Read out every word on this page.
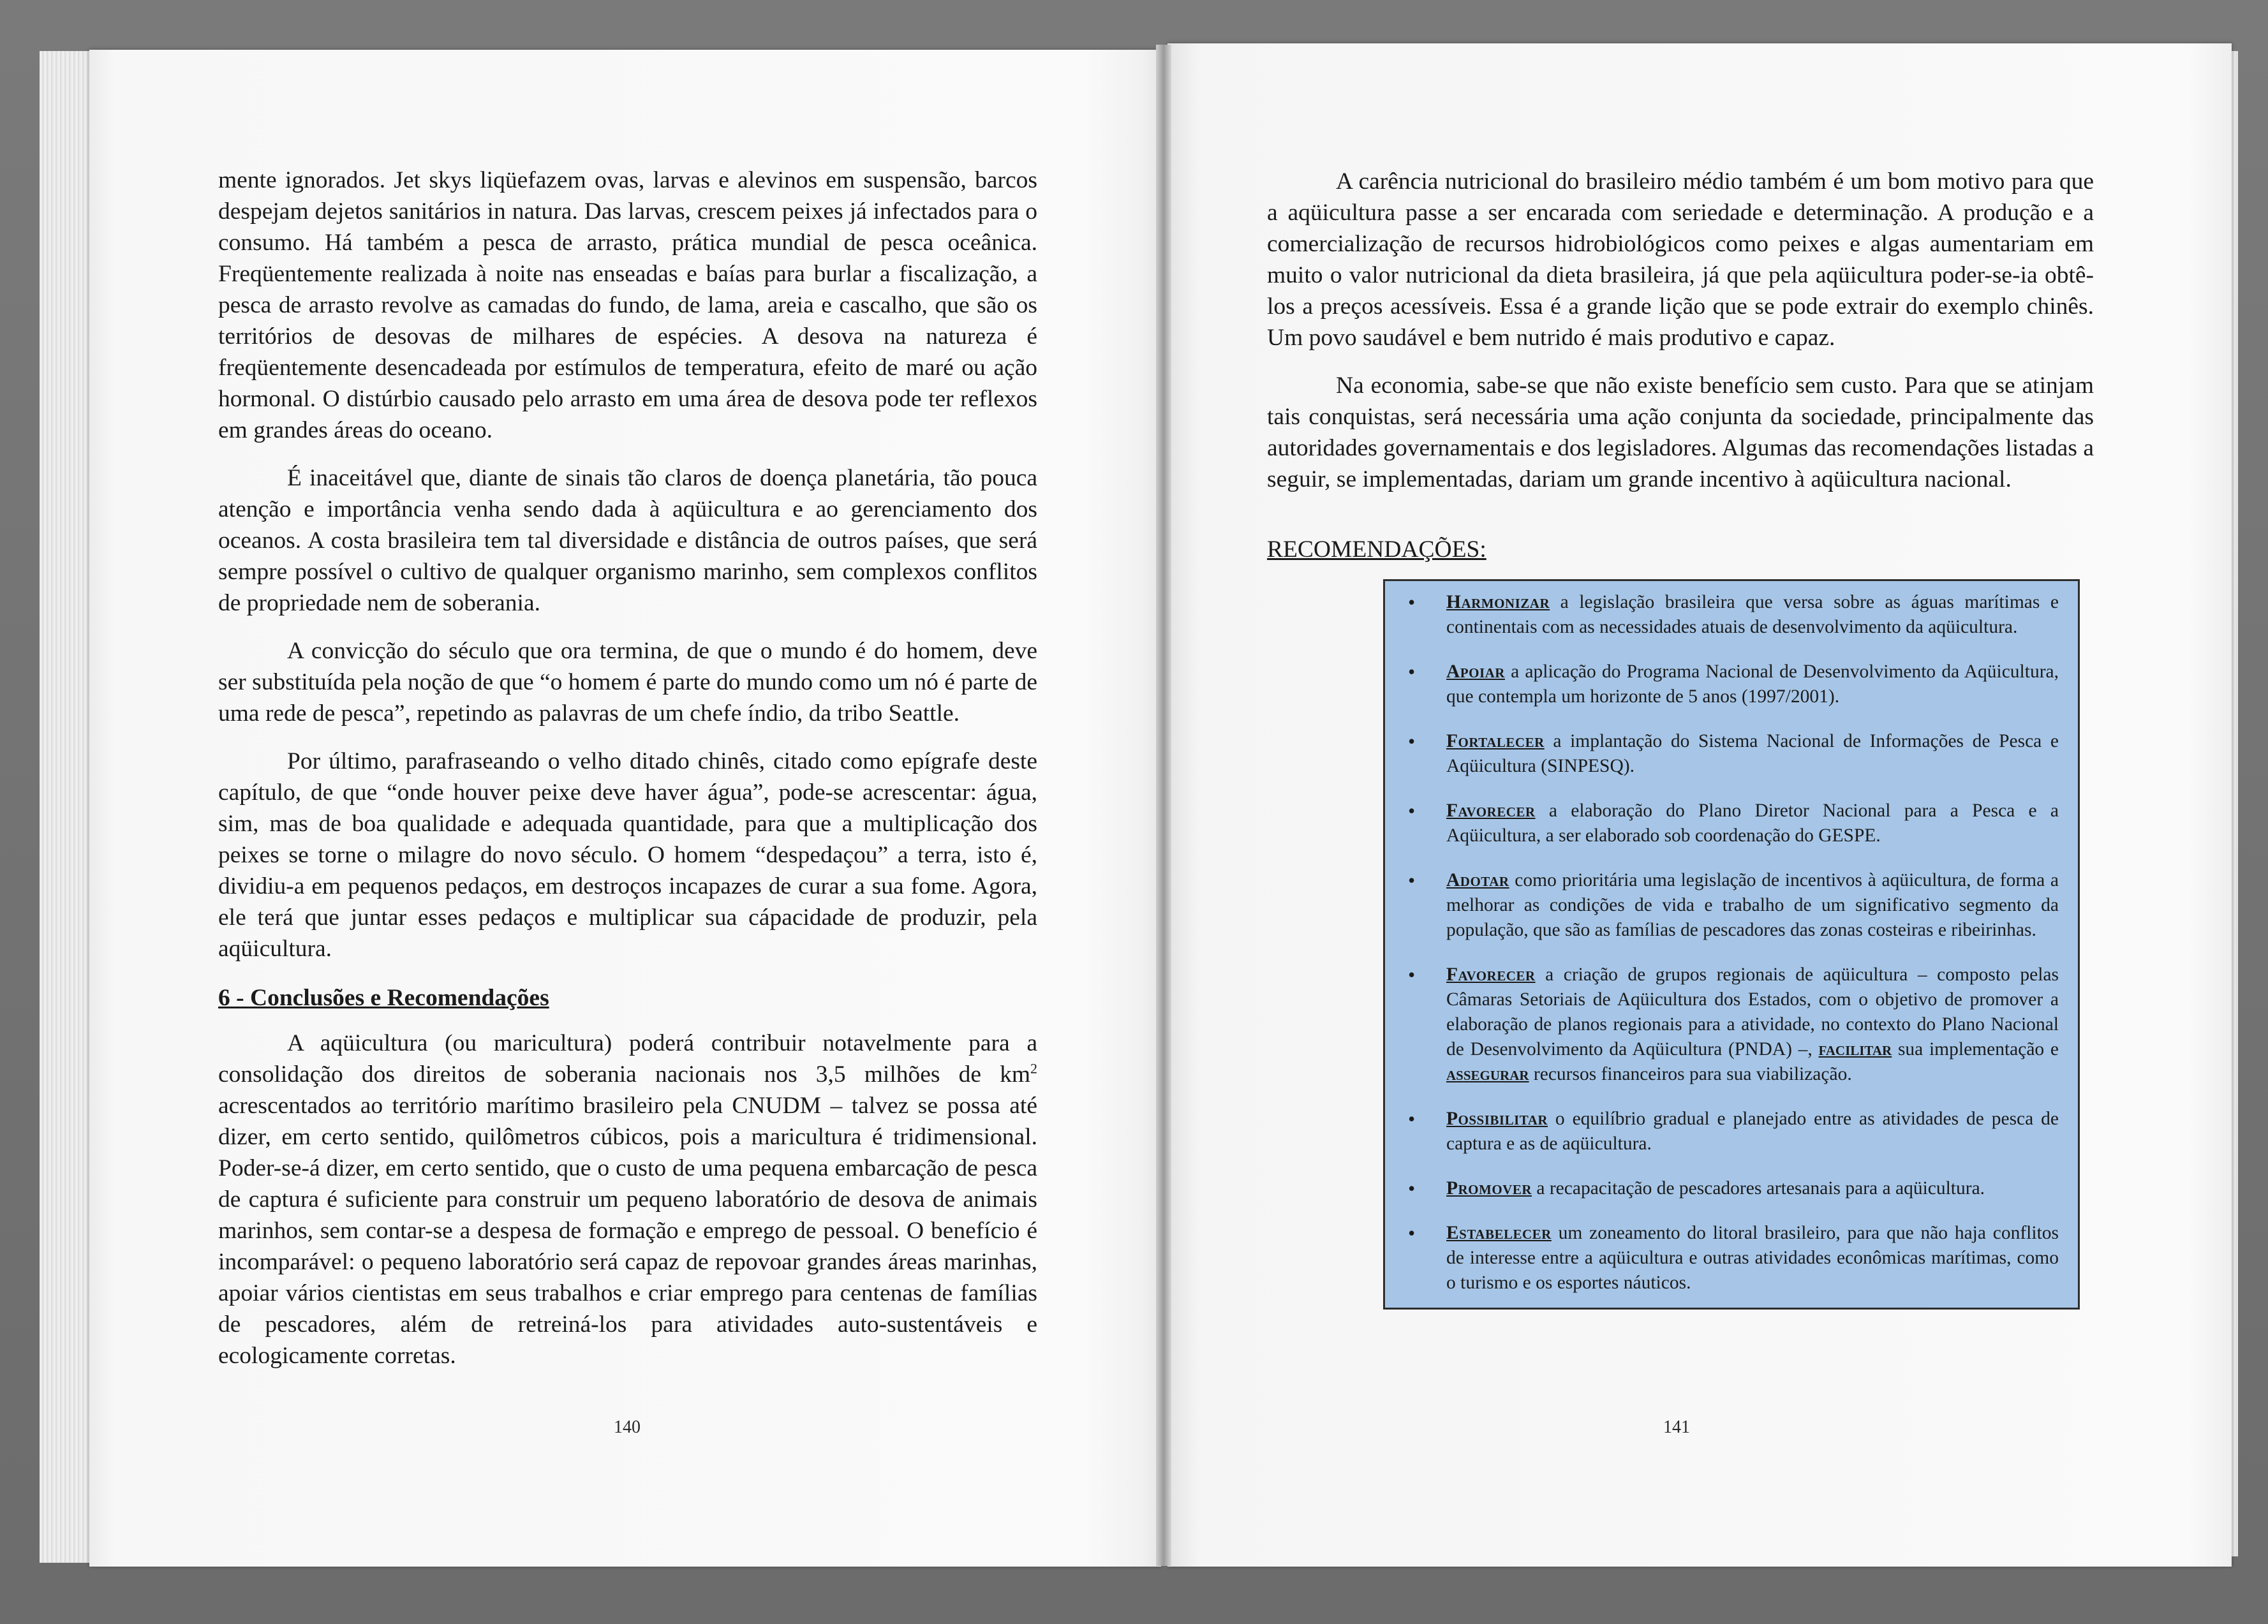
mente ignorados. Jet skys liqüefazem ovas, larvas e alevinos em suspensão, barcos despejam dejetos sanitários in natura. Das larvas, crescem peixes já infectados para o consumo. Há também a pesca de arrasto, prática mundial de pesca oceânica. Freqüentemente realizada à noite nas enseadas e baías para burlar a fiscalização, a pesca de arrasto revolve as camadas do fundo, de lama, areia e cascalho, que são os territórios de desovas de milhares de espécies. A desova na natureza é freqüentemente desencadeada por estímulos de temperatura, efeito de maré ou ação hormonal. O distúrbio causado pelo arrasto em uma área de desova pode ter reflexos em grandes áreas do oceano.

É inaceitável que, diante de sinais tão claros de doença planetária, tão pouca atenção e importância venha sendo dada à aqüicultura e ao gerenciamento dos oceanos. A costa brasileira tem tal diversidade e distância de outros países, que será sempre possível o cultivo de qualquer organismo marinho, sem complexos conflitos de propriedade nem de soberania.

A convicção do século que ora termina, de que o mundo é do homem, deve ser substituída pela noção de que “o homem é parte do mundo como um nó é parte de uma rede de pesca”, repetindo as palavras de um chefe índio, da tribo Seattle.

Por último, parafraseando o velho ditado chinês, citado como epígrafe deste capítulo, de que “onde houver peixe deve haver água”, pode-se acrescentar: água, sim, mas de boa qualidade e adequada quantidade, para que a multiplicação dos peixes se torne o milagre do novo século. O homem “despedaçou” a terra, isto é, dividiu-a em pequenos pedaços, em destroços incapazes de curar a sua fome. Agora, ele terá que juntar esses pedaços e multiplicar sua cápacidade de produzir, pela aqüicultura.

6 - Conclusões e Recomendações

A aqüicultura (ou maricultura) poderá contribuir notavelmente para a consolidação dos direitos de soberania nacionais nos 3,5 milhões de $km^2$ acrescentados ao território marítimo brasileiro pela CNUDM – talvez se possa até dizer, em certo sentido, quilômetros cúbicos, pois a maricultura é tridimensional. Poder-se-á dizer, em certo sentido, que o custo de uma pequena embarcação de pesca de captura é suficiente para construir um pequeno laboratório de desova de animais marinhos, sem contar-se a despesa de formação e emprego de pessoal. O benefício é incomparável: o pequeno laboratório será capaz de repovoar grandes áreas marinhas, apoiar vários cientistas em seus trabalhos e criar emprego para centenas de famílias de pescadores, além de retreiná-los para atividades auto-sustentáveis e ecologicamente corretas.

140

A carência nutricional do brasileiro médio também é um bom motivo para que a aqüicultura passe a ser encarada com seriedade e determinação. A produção e a comercialização de recursos hidrobiológicos como peixes e algas aumentariam em muito o valor nutricional da dieta brasileira, já que pela aqüicultura poder-se-ia obtê-los a preços acessíveis. Essa é a grande lição que se pode extrair do exemplo chinês. Um povo saudável e bem nutrido é mais produtivo e capaz.

Na economia, sabe-se que não existe benefício sem custo. Para que se atinjam tais conquistas, será necessária uma ação conjunta da sociedade, principalmente das autoridades governamentais e dos legisladores. Algumas das recomendações listadas a seguir, se implementadas, dariam um grande incentivo à aqüicultura nacional.

RECOMENDAÇÕES:
• Harmonizar a legislação brasileira que versa sobre as águas marítimas e continentais com as necessidades atuais de desenvolvimento da aqüicultura.
• Apoiar a aplicação do Programa Nacional de Desenvolvimento da Aqüicultura, que contempla um horizonte de 5 anos (1997/2001).
• Fortalecer a implantação do Sistema Nacional de Informações de Pesca e Aqüicultura (SINPESQ).
• Favorecer a elaboração do Plano Diretor Nacional para a Pesca e a Aqüicultura, a ser elaborado sob coordenação do GESPE.
• Adotar como prioritária uma legislação de incentivos à aqüicultura, de forma a melhorar as condições de vida e trabalho de um significativo segmento da população, que são as famílias de pescadores das zonas costeiras e ribeirinhas.
• Favorecer a criação de grupos regionais de aqüicultura – composto pelas Câmaras Setoriais de Aqüicultura dos Estados, com o objetivo de promover a elaboração de planos regionais para a atividade, no contexto do Plano Nacional de Desenvolvimento da Aqüicultura (PNDA) –, facilitar sua implementação e assegurar recursos financeiros para sua viabilização.
• Possibilitar o equilíbrio gradual e planejado entre as atividades de pesca de captura e as de aqüicultura.
• Promover a recapacitação de pescadores artesanais para a aqüicultura.
• Estabelecer um zoneamento do litoral brasileiro, para que não haja conflitos de interesse entre a aqüicultura e outras atividades econômicas marítimas, como o turismo e os esportes náuticos.
141
